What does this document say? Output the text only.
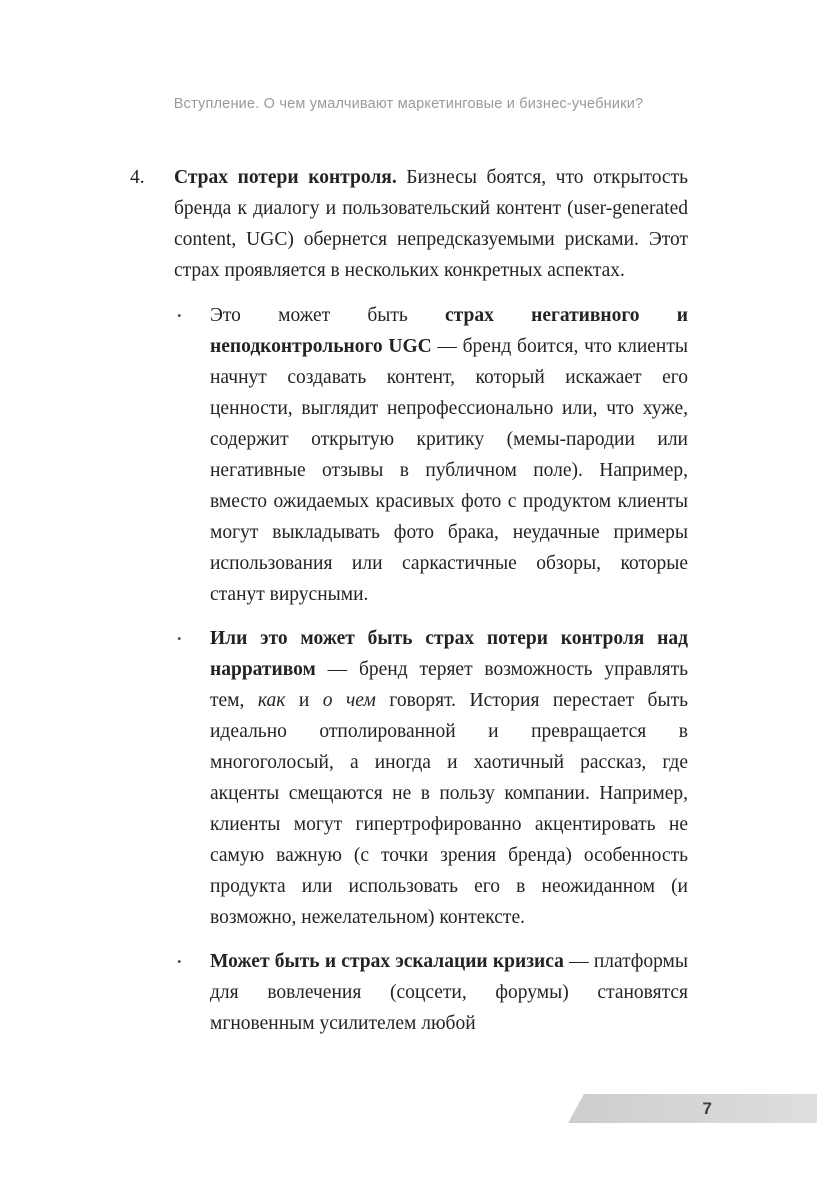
Вступление. О чем умалчивают маркетинговые и бизнес-учебники?
4.	Страх потери контроля. Бизнесы боятся, что открытость бренда к диалогу и пользовательский контент (user-generated content, UGC) обернется непредсказуемыми рисками. Этот страх проявляется в нескольких конкретных аспектах.

•	Это может быть страх негативного и неподконтрольного UGC — бренд боится, что клиенты начнут создавать контент, который искажает его ценности, выглядит непрофессионально или, что хуже, содержит открытую критику (мемы-пародии или негативные отзывы в публичном поле). Например, вместо ожидаемых красивых фото с продуктом клиенты могут выкладывать фото брака, неудачные примеры использования или саркастичные обзоры, которые станут вирусными.

•	Или это может быть страх потери контроля над нарративом — бренд теряет возможность управлять тем, как и о чем говорят. История перестает быть идеально отполированной и превращается в многоголосый, а иногда и хаотичный рассказ, где акценты смещаются не в пользу компании. Например, клиенты могут гипертрофированно акцентировать не самую важную (с точки зрения бренда) особенность продукта или использовать его в неожиданном (и возможно, нежелательном) контексте.

•	Может быть и страх эскалации кризиса — платформы для вовлечения (соцсети, форумы) становятся мгновенным усилителем любой

7
